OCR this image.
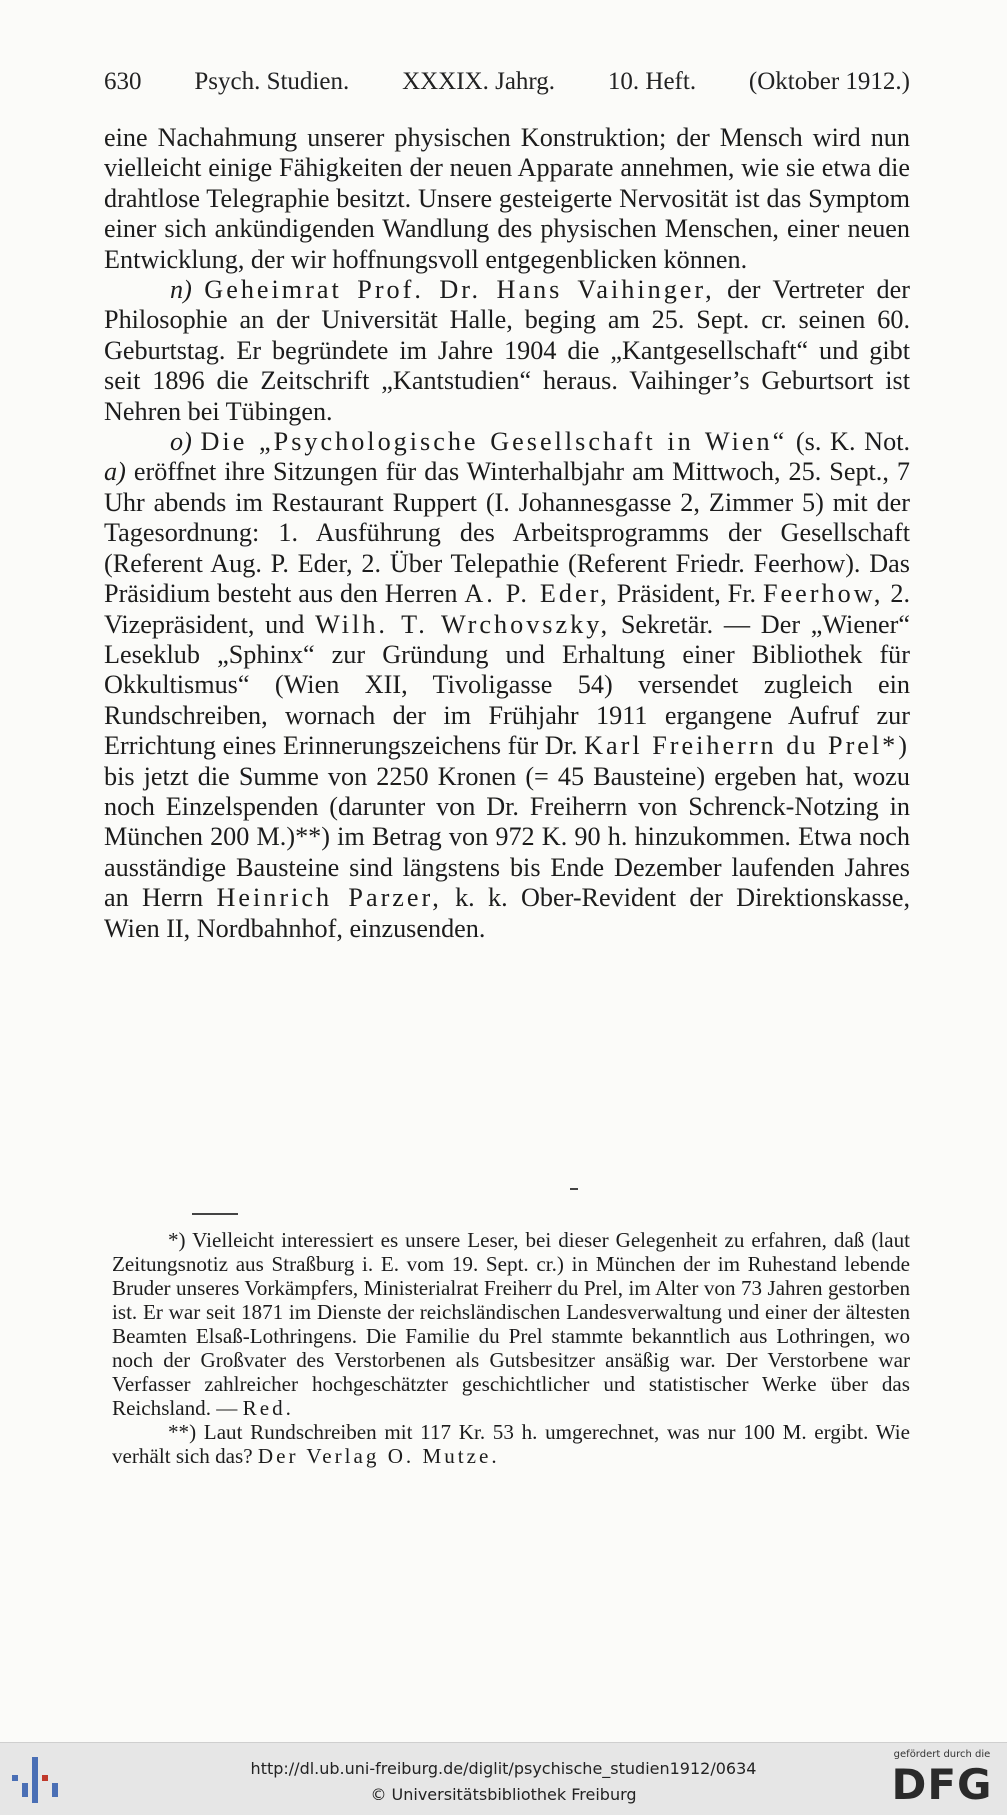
630 Psych. Studien. XXXIX. Jahrg. 10. Heft. (Oktober 1912.)

eine Nachahmung unserer physischen Konstruktion; der Mensch wird nun vielleicht einige Fähigkeiten der neuen Apparate annehmen, wie sie etwa die drahtlose Telegraphie besitzt. Unsere gesteigerte Nervosität ist das Symptom einer sich ankündigenden Wandlung des physischen Menschen, einer neuen Entwicklung, der wir hoffnungsvoll entgegenblicken können.

n) Geheimrat Prof. Dr. Hans Vaihinger, der Vertreter der Philosophie an der Universität Halle, beging am 25. Sept. cr. seinen 60. Geburtstag. Er begründete im Jahre 1904 die „Kantgesellschaft“ und gibt seit 1896 die Zeitschrift „Kantstudien“ heraus. Vaihinger’s Geburtsort ist Nehren bei Tübingen.

o) Die „Psychologische Gesellschaft in Wien“ (s. K. Not. a) eröffnet ihre Sitzungen für das Winterhalbjahr am Mittwoch, 25. Sept., 7 Uhr abends im Restaurant Ruppert (I. Johannesgasse 2, Zimmer 5) mit der Tagesordnung: 1. Ausführung des Arbeitsprogramms der Gesellschaft (Referent Aug. P. Eder, 2. Über Telepathie (Referent Friedr. Feerhow). Das Präsidium besteht aus den Herren A. P. Eder, Präsident, Fr. Feerhow, 2. Vizepräsident, und Wilh. T. Wrchovszky, Sekretär. — Der „Wiener“ Leseklub „Sphinx“ zur Gründung und Erhaltung einer Bibliothek für Okkultismus“ (Wien XII, Tivoligasse 54) versendet zugleich ein Rundschreiben, wornach der im Frühjahr 1911 ergangene Aufruf zur Errichtung eines Erinnerungszeichens für Dr. Karl Freiherrn du Prel*) bis jetzt die Summe von 2250 Kronen (= 45 Bausteine) ergeben hat, wozu noch Einzelspenden (darunter von Dr. Freiherrn von Schrenck-Notzing in München 200 M.)**) im Betrag von 972 K. 90 h. hinzukommen. Etwa noch ausständige Bausteine sind längstens bis Ende Dezember laufenden Jahres an Herrn Heinrich Parzer, k. k. Ober-Revident der Direktionskasse, Wien II, Nordbahnhof, einzusenden.

*) Vielleicht interessiert es unsere Leser, bei dieser Gelegenheit zu erfahren, daß (laut Zeitungsnotiz aus Straßburg i. E. vom 19. Sept. cr.) in München der im Ruhestand lebende Bruder unseres Vorkämpfers, Ministerialrat Freiherr du Prel, im Alter von 73 Jahren gestorben ist. Er war seit 1871 im Dienste der reichsländischen Landesverwaltung und einer der ältesten Beamten Elsaß-Lothringens. Die Familie du Prel stammte bekanntlich aus Lothringen, wo noch der Großvater des Verstorbenen als Gutsbesitzer ansäßig war. Der Verstorbene war Verfasser zahlreicher hochgeschätzter geschichtlicher und statistischer Werke über das Reichsland. — Red.

**) Laut Rundschreiben mit 117 Kr. 53 h. umgerechnet, was nur 100 M. ergibt. Wie verhält sich das? Der Verlag O. Mutze.

http://dl.ub.uni-freiburg.de/diglit/psychische_studien1912/0634
© Universitätsbibliothek Freiburg
gefördert durch die
DFG
